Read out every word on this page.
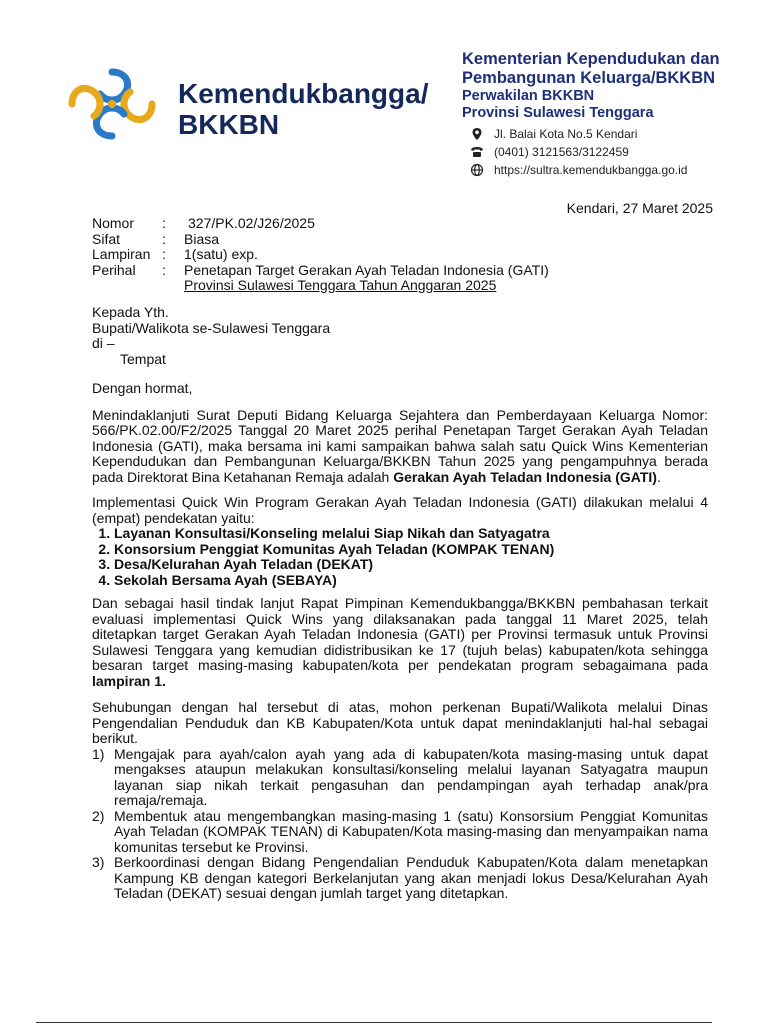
Kemendukbangga/
BKKBN
Kementerian Kependudukan dan
Pembangunan Keluarga/BKKBN
Perwakilan BKKBN
Provinsi Sulawesi Tenggara
Jl. Balai Kota No.5 Kendari
(0401) 3121563/3122459
https://sultra.kemendukbangga.go.id
Kendari, 27 Maret 2025
Nomor	:	327/PK.02/J26/2025
Sifat	:	Biasa
Lampiran :	1(satu) exp.
Perihal	:	Penetapan Target Gerakan Ayah Teladan Indonesia (GATI)
Provinsi Sulawesi Tenggara Tahun Anggaran 2025
Kepada Yth.
Bupati/Walikota se-Sulawesi Tenggara
di –
Tempat

Dengan hormat,

Menindaklanjuti Surat Deputi Bidang Keluarga Sejahtera dan Pemberdayaan Keluarga Nomor: 566/PK.02.00/F2/2025 Tanggal 20 Maret 2025 perihal Penetapan Target Gerakan Ayah Teladan Indonesia (GATI), maka bersama ini kami sampaikan bahwa salah satu Quick Wins Kementerian Kependudukan dan Pembangunan Keluarga/BKKBN Tahun 2025 yang pengampuhnya berada pada Direktorat Bina Ketahanan Remaja adalah Gerakan Ayah Teladan Indonesia (GATI).

Implementasi Quick Win Program Gerakan Ayah Teladan Indonesia (GATI) dilakukan melalui 4 (empat) pendekatan yaitu:

1. Layanan Konsultasi/Konseling melalui Siap Nikah dan Satyagatra
2. Konsorsium Penggiat Komunitas Ayah Teladan (KOMPAK TENAN)
3. Desa/Kelurahan Ayah Teladan (DEKAT)
4. Sekolah Bersama Ayah (SEBAYA)

Dan sebagai hasil tindak lanjut Rapat Pimpinan Kemendukbangga/BKKBN pembahasan terkait evaluasi implementasi Quick Wins yang dilaksanakan pada tanggal 11 Maret 2025, telah ditetapkan target Gerakan Ayah Teladan Indonesia (GATI) per Provinsi termasuk untuk Provinsi Sulawesi Tenggara yang kemudian didistribusikan ke 17 (tujuh belas) kabupaten/kota sehingga besaran target masing-masing kabupaten/kota per pendekatan program sebagaimana pada lampiran 1.

Sehubungan dengan hal tersebut di atas, mohon perkenan Bupati/Walikota melalui Dinas Pengendalian Penduduk dan KB Kabupaten/Kota untuk dapat menindaklanjuti hal-hal sebagai berikut.

1) Mengajak para ayah/calon ayah yang ada di kabupaten/kota masing-masing untuk dapat mengakses ataupun melakukan konsultasi/konseling melalui layanan Satyagatra maupun layanan siap nikah terkait pengasuhan dan pendampingan ayah terhadap anak/pra remaja/remaja.
2) Membentuk atau mengembangkan masing-masing 1 (satu) Konsorsium Penggiat Komunitas Ayah Teladan (KOMPAK TENAN) di Kabupaten/Kota masing-masing dan menyampaikan nama komunitas tersebut ke Provinsi.
3) Berkoordinasi dengan Bidang Pengendalian Penduduk Kabupaten/Kota dalam menetapkan Kampung KB dengan kategori Berkelanjutan yang akan menjadi lokus Desa/Kelurahan Ayah Teladan (DEKAT) sesuai dengan jumlah target yang ditetapkan.
